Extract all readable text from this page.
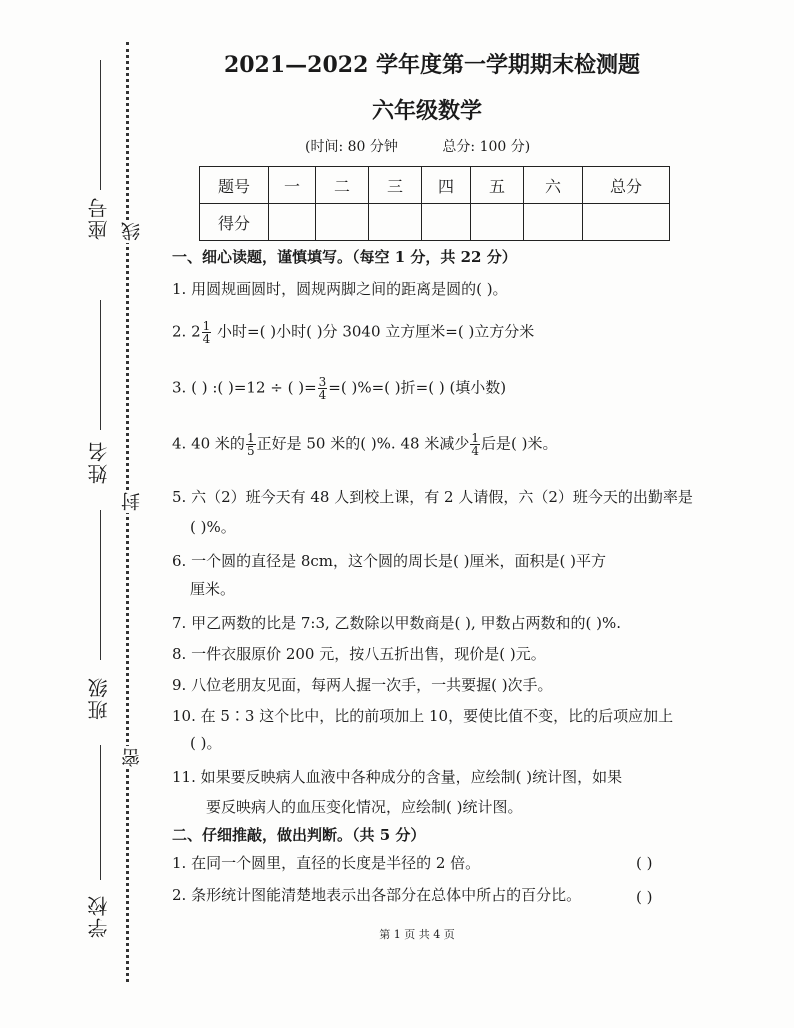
座号
姓名
班级
学校
线
封
密
2021—2022 学年度第一学期期末检测题
六年级数学
(时间: 80 分钟	总分: 100 分)
题号	一	二	三	四	五	六	总分
得分							
一、细心读题，谨慎填写。（每空 1 分，共 22 分）
1. 用圆规画圆时，圆规两脚之间的距离是圆的( )。
2. $2 \frac{1}{4}$ 小时=( )小时( )分 3040 立方厘米=( )立方分米
3. ( ) :( )=12 ÷ ( )= $\frac{3}{4}$ =( )%=( )折=( ) (填小数)
4. 40 米的 $\frac{1}{5}$ 正好是 50 米的( )%. 48 米减少 $\frac{1}{4}$ 后是( )米。
5. 六（2）班今天有 48 人到校上课，有 2 人请假，六（2）班今天的出勤率是
( )%。
6. 一个圆的直径是 8cm，这个圆的周长是( )厘米，面积是( )平方
厘米。
7. 甲乙两数的比是 7:3, 乙数除以甲数商是( ), 甲数占两数和的( )%.
8. 一件衣服原价 200 元，按八五折出售，现价是( )元。
9. 八位老朋友见面，每两人握一次手，一共要握( )次手。
10. 在 5∶3 这个比中，比的前项加上 10，要使比值不变，比的后项应加上
( )。
11. 如果要反映病人血液中各种成分的含量，应绘制( )统计图，如果
要反映病人的血压变化情况，应绘制( )统计图。
二、仔细推敲，做出判断。（共 5 分）
1. 在同一个圆里，直径的长度是半径的 2 倍。	( )
2. 条形统计图能清楚地表示出各部分在总体中所占的百分比。	( )
第 1 页 共 4 页
